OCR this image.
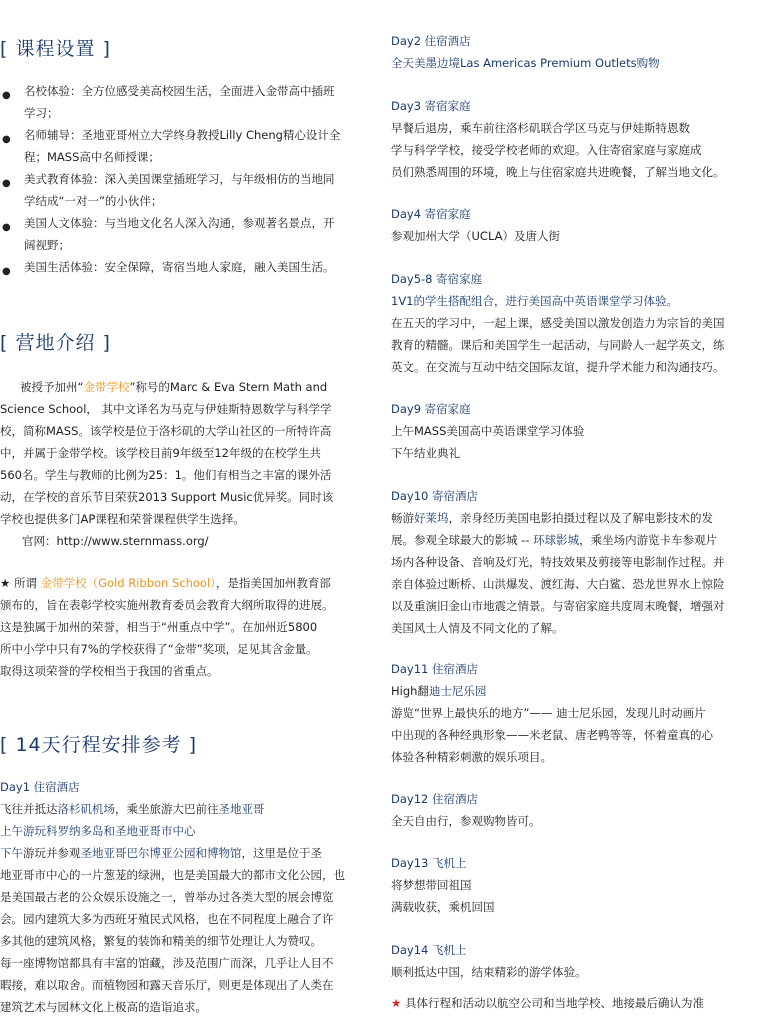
[ 课程设置 ]
● 名校体验：全方位感受美高校园生活，全面进入金带高中插班
学习；
● 名师辅导：圣地亚哥州立大学终身教授Lilly Cheng精心设计全
程；MASS高中名师授课；
● 美式教育体验：深入美国课堂插班学习，与年级相仿的当地同
学结成“一对一”的小伙伴；
● 美国人文体验：与当地文化名人深入沟通，参观著名景点，开
阔视野；
● 美国生活体验：安全保障，寄宿当地人家庭，融入美国生活。
[ 营地介绍 ]
被授予加州“金带学校”称号的Marc & Eva Stern Math and
Science School， 其中文译名为马克与伊娃斯特恩数学与科学学
校，简称MASS。该学校是位于洛杉矶的大学山社区的一所特许高
中，并属于金带学校。该学校目前9年级至12年级的在校学生共
560名。学生与教师的比例为25：1。他们有相当之丰富的课外活
动，在学校的音乐节目荣获2013 Support Music优异奖。同时该
学校也提供多门AP课程和荣誉课程供学生选择。
官网：http://www.sternmass.org/
★ 所谓 金带学校（Gold Ribbon School），是指美国加州教育部
颁布的，旨在表彰学校实施州教育委员会教育大纲所取得的进展。
这是独属于加州的荣誉，相当于“州重点中学”。在加州近5800
所中小学中只有7%的学校获得了“金带”奖项，足见其含金量。
取得这项荣誉的学校相当于我国的省重点。
[ 14天行程安排参考 ]
Day1 住宿酒店
飞往并抵达洛杉矶机场，乘坐旅游大巴前往圣地亚哥
上午游玩科罗纳多岛和圣地亚哥市中心
下午游玩并参观圣地亚哥巴尔博亚公园和博物馆，这里是位于圣
地亚哥市中心的一片葱茏的绿洲，也是美国最大的都市文化公园，也
是美国最古老的公众娱乐设施之一，曾举办过各类大型的展会博览
会。园内建筑大多为西班牙殖民式风格，也在不同程度上融合了许
多其他的建筑风格，繁复的装饰和精美的细节处理让人为赞叹。
每一座博物馆都具有丰富的馆藏，涉及范围广而深，几乎让人目不
暇接，难以取舍。而植物园和露天音乐厅，则更是体现出了人类在
建筑艺术与园林文化上极高的造诣追求。
Day2 住宿酒店
全天美墨边境Las Americas Premium Outlets购物
Day3 寄宿家庭
早餐后退房，乘车前往洛杉矶联合学区马克与伊娃斯特恩数
学与科学学校，接受学校老师的欢迎。入住寄宿家庭与家庭成
员们熟悉周围的环境，晚上与住宿家庭共进晚餐，了解当地文化。
Day4 寄宿家庭
参观加州大学（UCLA）及唐人街
Day5-8 寄宿家庭
1V1的学生搭配组合，进行美国高中英语课堂学习体验。
在五天的学习中，一起上课，感受美国以激发创造力为宗旨的美国
教育的精髓。课后和美国学生一起活动，与同龄人一起学英文，练
英文。在交流与互动中结交国际友谊，提升学术能力和沟通技巧。
Day9 寄宿家庭
上午MASS美国高中英语课堂学习体验
下午结业典礼
Day10 寄宿酒店
畅游好莱坞，亲身经历美国电影拍摄过程以及了解电影技术的发
展。参观全球最大的影城 -- 环球影城，乘坐场内游览卡车参观片
场内各种设备、音响及灯光，特技效果及剪接等电影制作过程。并
亲自体验过断桥、山洪爆发、渡红海、大白鲨、恐龙世界水上惊险
以及重演旧金山市地震之情景。与寄宿家庭共度周末晚餐，增强对
美国风土人情及不同文化的了解。
Day11 住宿酒店
High翻迪士尼乐园
游览“世界上最快乐的地方”—— 迪士尼乐园，发现儿时动画片
中出现的各种经典形象——米老鼠、唐老鸭等等，怀着童真的心
体验各种精彩刺激的娱乐项目。
Day12 住宿酒店
全天自由行，参观购物皆可。
Day13 飞机上
将梦想带回祖国
满载收获，乘机回国
Day14 飞机上
顺利抵达中国，结束精彩的游学体验。
★ 具体行程和活动以航空公司和当地学校、地接最后确认为准
